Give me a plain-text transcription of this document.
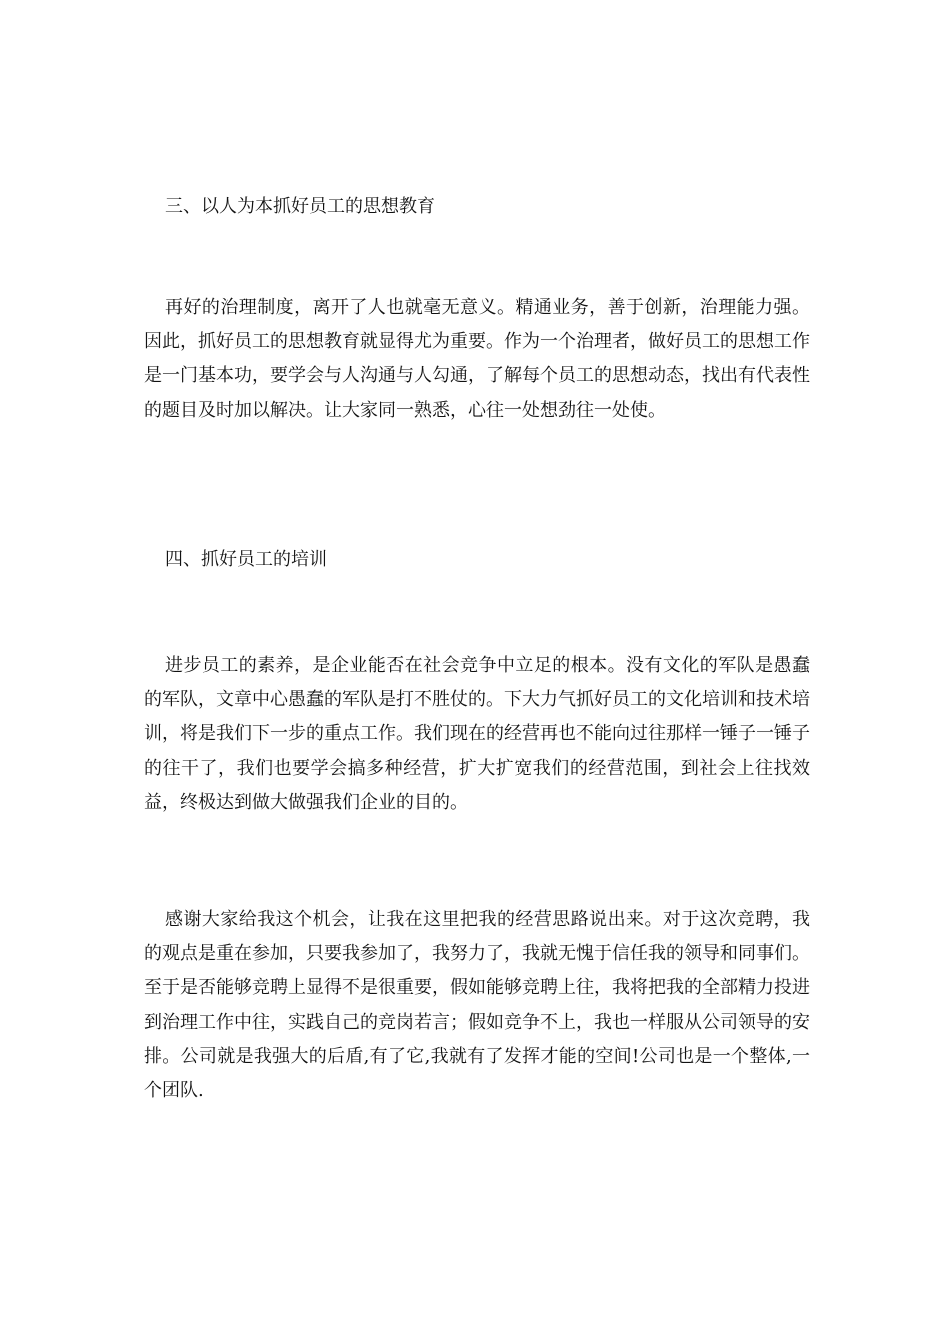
三、以人为本抓好员工的思想教育

再好的治理制度，离开了人也就毫无意义。精通业务，善于创新，治理能力强。因此，抓好员工的思想教育就显得尤为重要。作为一个治理者，做好员工的思想工作是一门基本功，要学会与人沟通与人勾通，了解每个员工的思想动态，找出有代表性的题目及时加以解决。让大家同一熟悉，心往一处想劲往一处使。

四、抓好员工的培训

进步员工的素养，是企业能否在社会竞争中立足的根本。没有文化的军队是愚蠢的军队，文章中心愚蠢的军队是打不胜仗的。下大力气抓好员工的文化培训和技术培训，将是我们下一步的重点工作。我们现在的经营再也不能向过往那样一锤子一锤子的往干了，我们也要学会搞多种经营，扩大扩宽我们的经营范围，到社会上往找效益，终极达到做大做强我们企业的目的。

感谢大家给我这个机会，让我在这里把我的经营思路说出来。对于这次竞聘，我的观点是重在参加，只要我参加了，我努力了，我就无愧于信任我的领导和同事们。至于是否能够竞聘上显得不是很重要，假如能够竞聘上往，我将把我的全部精力投进到治理工作中往，实践自己的竞岗若言；假如竞争不上，我也一样服从公司领导的安排。公司就是我强大的后盾,有了它,我就有了发挥才能的空间!公司也是一个整体,一个团队.
